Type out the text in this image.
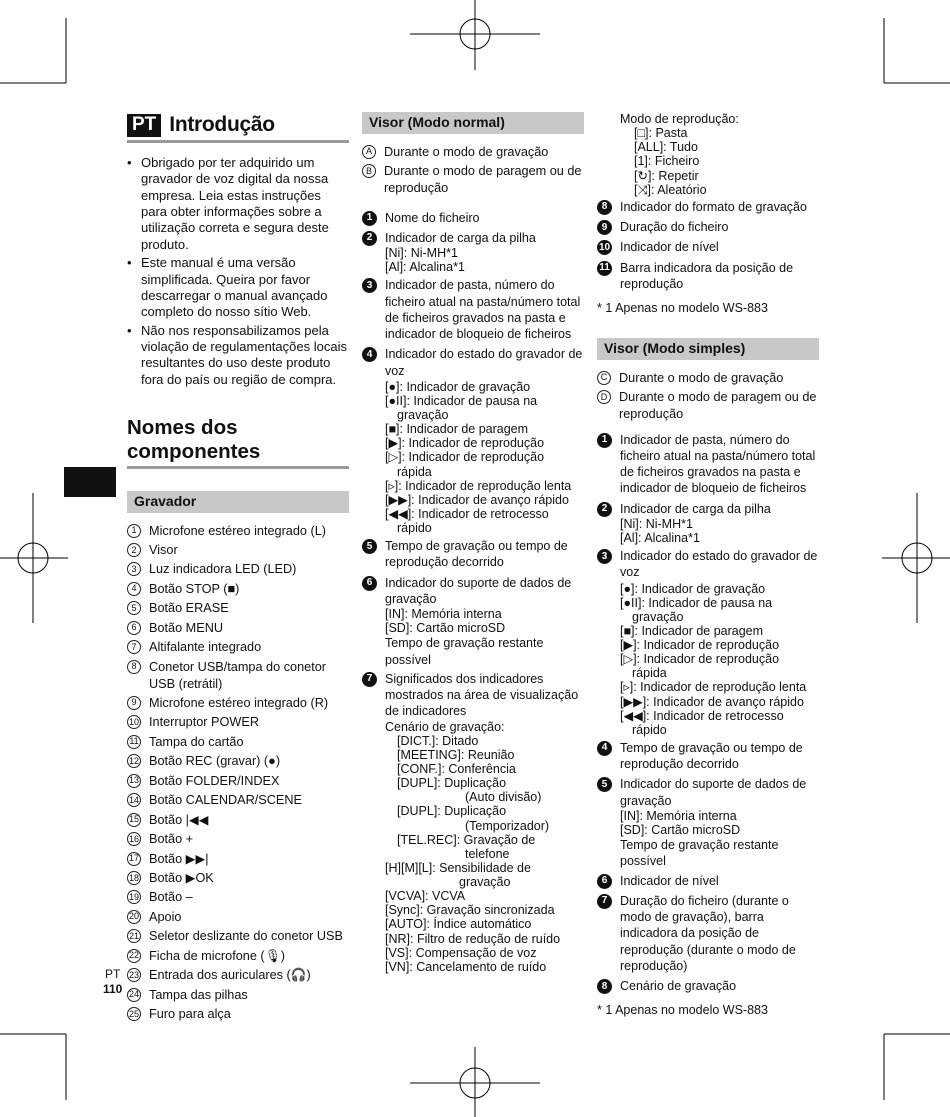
PT
110
PT Introdução
• Obrigado por ter adquirido um gravador de voz digital da nossa empresa. Leia estas instruções para obter informações sobre a utilização correta e segura deste produto.
• Este manual é uma versão simplificada. Queira por favor descarregar o manual avançado completo do nosso sítio Web.
• Não nos responsabilizamos pela violação de regulamentações locais resultantes do uso deste produto fora do país ou região de compra.
Nomes dos componentes
Gravador
1 Microfone estéreo integrado (L)
2 Visor
3 Luz indicadora LED (LED)
4 Botão STOP (■)
5 Botão ERASE
6 Botão MENU
7 Altifalante integrado
8 Conetor USB/tampa do conetor USB (retrátil)
9 Microfone estéreo integrado (R)
10 Interruptor POWER
11 Tampa do cartão
12 Botão REC (gravar) (●)
13 Botão FOLDER/INDEX
14 Botão CALENDAR/SCENE
15 Botão |◀◀
16 Botão +
17 Botão ▶▶|
18 Botão ▶OK
19 Botão –
20 Apoio
21 Seletor deslizante do conetor USB
22 Ficha de microfone (🎙)
23 Entrada dos auriculares (🎧)
24 Tampa das pilhas
25 Furo para alça
Visor (Modo normal)
A Durante o modo de gravação
B Durante o modo de paragem ou de reprodução
1	Nome do ficheiro
2	Indicador de carga da pilha
[Ni]: Ni-MH*1
[Al]: Alcalina*1
3	Indicador de pasta, número do ficheiro atual na pasta/número total de ficheiros gravados na pasta e indicador de bloqueio de ficheiros
4	Indicador do estado do gravador de voz
[●]: Indicador de gravação
[●II]: Indicador de pausa na
gravação
[■]: Indicador de paragem
[▶]: Indicador de reprodução
[▷]: Indicador de reprodução
rápida
[▹]: Indicador de reprodução lenta
[▶▶]: Indicador de avanço rápido
[◀◀]: Indicador de retrocesso
rápido
5	Tempo de gravação ou tempo de reprodução decorrido
6	Indicador do suporte de dados de gravação
[IN]: Memória interna
[SD]: Cartão microSD
Tempo de gravação restante possível
7	Significados dos indicadores mostrados na área de visualização de indicadores
Cenário de gravação:
[DICT.]: Ditado
[MEETING]: Reunião
[CONF.]: Conferência
[DUPL]: Duplicação
(Auto divisão)
[DUPL]: Duplicação
(Temporizador)
[TEL.REC]: Gravação de
telefone
[H][M][L]: Sensibilidade de
gravação
[VCVA]: VCVA
[Sync]: Gravação sincronizada
[AUTO]: Índice automático
[NR]: Filtro de redução de ruído
[VS]: Compensação de voz
[VN]: Cancelamento de ruído
Modo de reprodução:
[□]: Pasta
[ALL]: Tudo
[1]: Ficheiro
[↻]: Repetir
[⤨]: Aleatório
8	Indicador do formato de gravação
9	Duração do ficheiro
10 Indicador de nível
11 Barra indicadora da posição de reprodução
* 1 Apenas no modelo WS-883
Visor (Modo simples)
C Durante o modo de gravação
D Durante o modo de paragem ou de reprodução
1	Indicador de pasta, número do ficheiro atual na pasta/número total de ficheiros gravados na pasta e indicador de bloqueio de ficheiros
2	Indicador de carga da pilha
[Ni]: Ni-MH*1
[Al]: Alcalina*1
3	Indicador do estado do gravador de voz
[●]: Indicador de gravação
[●II]: Indicador de pausa na
gravação
[■]: Indicador de paragem
[▶]: Indicador de reprodução
[▷]: Indicador de reprodução
rápida
[▹]: Indicador de reprodução lenta
[▶▶]: Indicador de avanço rápido
[◀◀]: Indicador de retrocesso
rápido
4	Tempo de gravação ou tempo de reprodução decorrido
5	Indicador do suporte de dados de gravação
[IN]: Memória interna
[SD]: Cartão microSD
Tempo de gravação restante possível
6	Indicador de nível
7	Duração do ficheiro (durante o modo de gravação), barra indicadora da posição de reprodução (durante o modo de reprodução)
8	Cenário de gravação
* 1 Apenas no modelo WS-883
